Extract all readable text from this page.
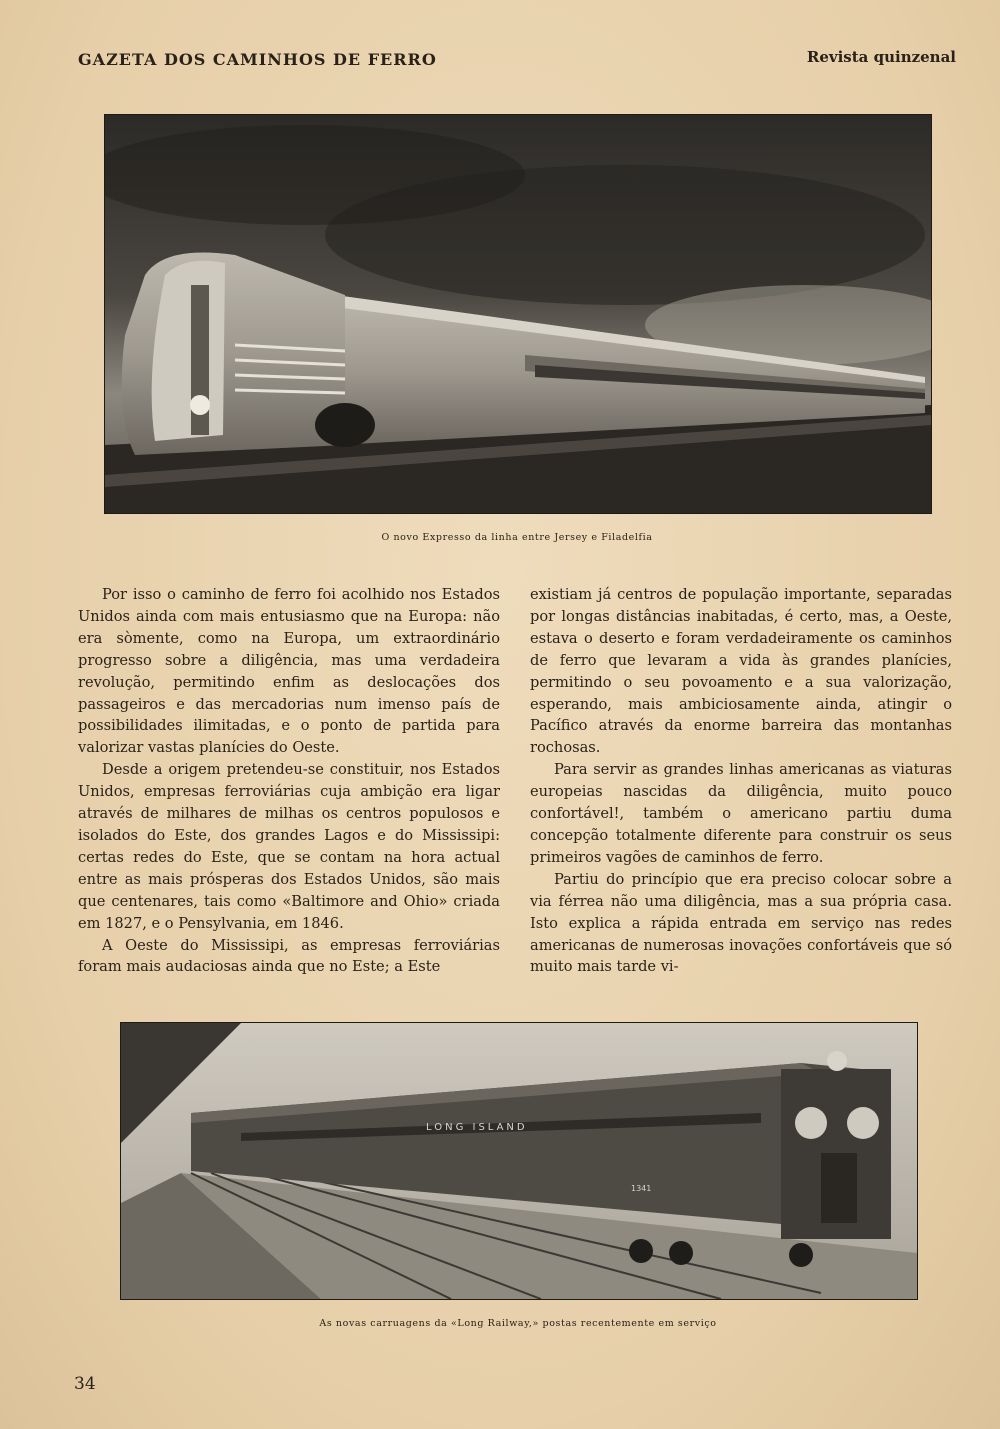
GAZETA DOS CAMINHOS DE FERRO	Revista quinzenal
O novo Expresso da linha entre Jersey e Filadelfia

Por isso o caminho de ferro foi acolhido nos Estados Unidos ainda com mais entusiasmo que na Europa: não era sòmente, como na Europa, um extraordinário progresso sobre a diligência, mas uma verdadeira revolução, permitindo enfim as deslocações dos passageiros e das mercadorias num imenso país de possibilidades ilimitadas, e o ponto de partida para valorizar vastas planícies do Oeste.

Desde a origem pretendeu-se constituir, nos Estados Unidos, empresas ferroviárias cuja ambição era ligar através de milhares de milhas os centros populosos e isolados do Este, dos grandes Lagos e do Mississipi: certas redes do Este, que se contam na hora actual entre as mais prósperas dos Estados Unidos, são mais que centenares, tais como «Baltimore and Ohio» criada em 1827, e o Pensylvania, em 1846.

A Oeste do Mississipi, as empresas ferroviárias foram mais audaciosas ainda que no Este; a Este

existiam já centros de população importante, separadas por longas distâncias inabitadas, é certo, mas, a Oeste, estava o deserto e foram verdadeiramente os caminhos de ferro que levaram a vida às grandes planícies, permitindo o seu povoamento e a sua valorização, esperando, mais ambiciosamente ainda, atingir o Pacífico através da enorme barreira das montanhas rochosas.

Para servir as grandes linhas americanas as viaturas europeias nascidas da diligência, muito pouco confortável!, também o americano partiu duma concepção totalmente diferente para construir os seus primeiros vagões de caminhos de ferro.

Partiu do princípio que era preciso colocar sobre a via férrea não uma diligência, mas a sua própria casa. Isto explica a rápida entrada em serviço nas redes americanas de numerosas inovações confortáveis que só muito mais tarde vi-

LONG ISLAND
1341
As novas carruagens da «Long Railway,» postas recentemente em serviço
34
